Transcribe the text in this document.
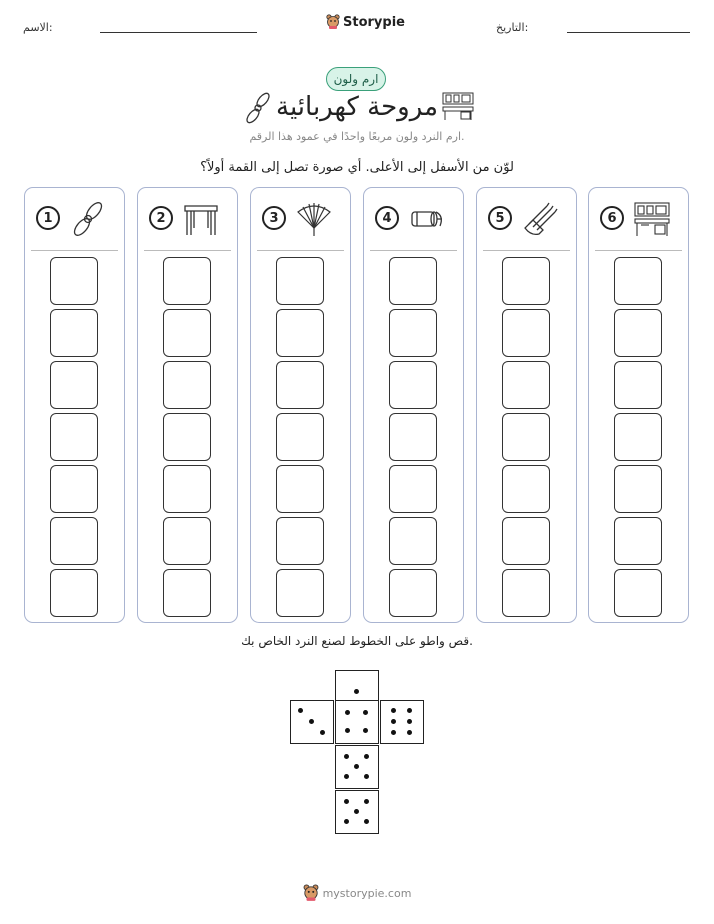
الاسم:	Storypie	التاريخ:
ارم ولون
مروحة كهربائية
ارم النرد ولون مربعًا واحدًا في عمود هذا الرقم.
لوّن من الأسفل إلى الأعلى. أي صورة تصل إلى القمة أولاً؟
1	2	3	4	5	6
قص واطو على الخطوط لصنع النرد الخاص بك.
mystorypie.com
